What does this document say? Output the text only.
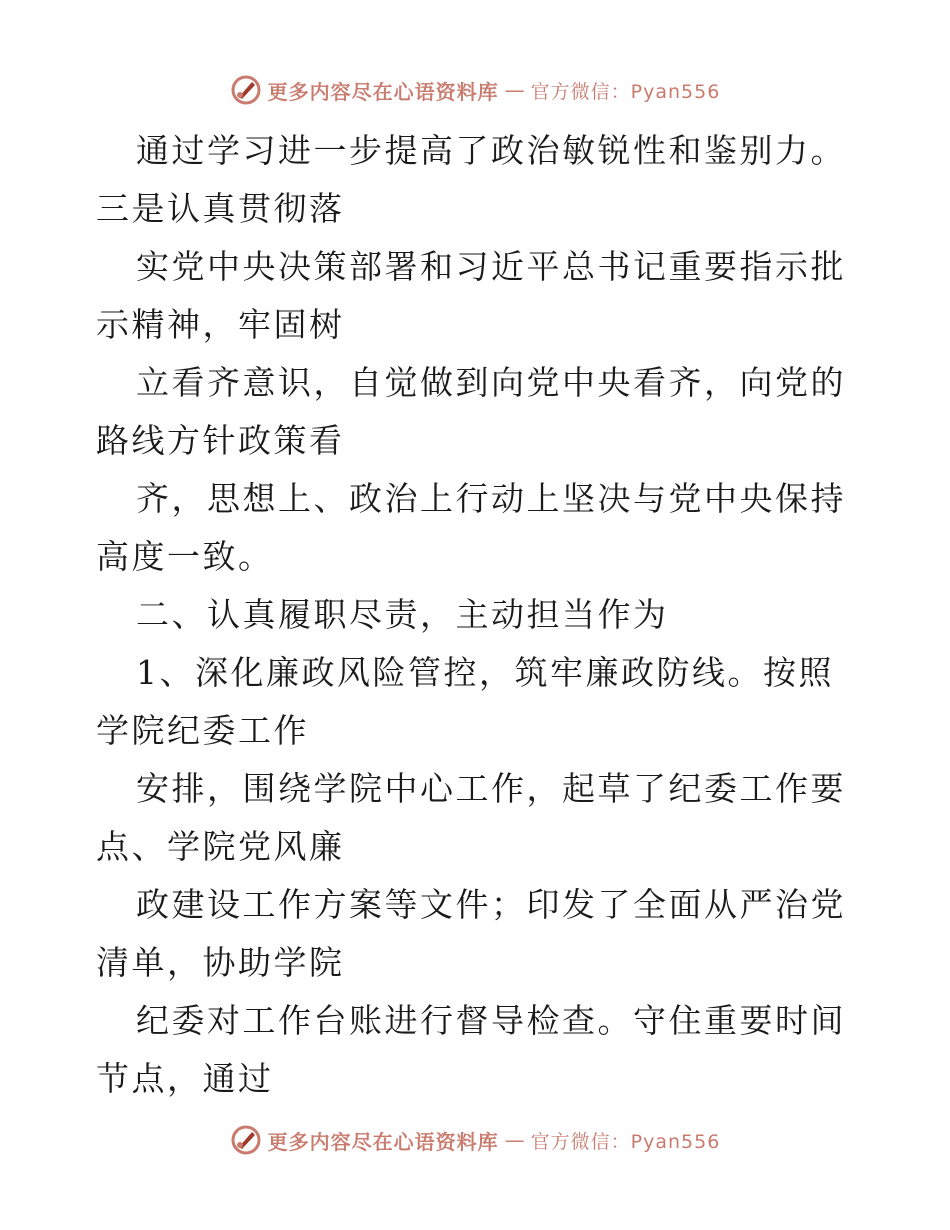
更多内容尽在心语资料库 — 官方微信：Pyan556

通过学习进一步提高了政治敏锐性和鉴别力。三是认真贯彻落

实党中央决策部署和习近平总书记重要指示批示精神，牢固树

立看齐意识，自觉做到向党中央看齐，向党的路线方针政策看

齐，思想上、政治上行动上坚决与党中央保持高度一致。

二、认真履职尽责，主动担当作为

1、深化廉政风险管控，筑牢廉政防线。按照学院纪委工作

安排，围绕学院中心工作，起草了纪委工作要点、学院党风廉

政建设工作方案等文件；印发了全面从严治党清单，协助学院

纪委对工作台账进行督导检查。守住重要时间节点，通过

更多内容尽在心语资料库 — 官方微信：Pyan556
